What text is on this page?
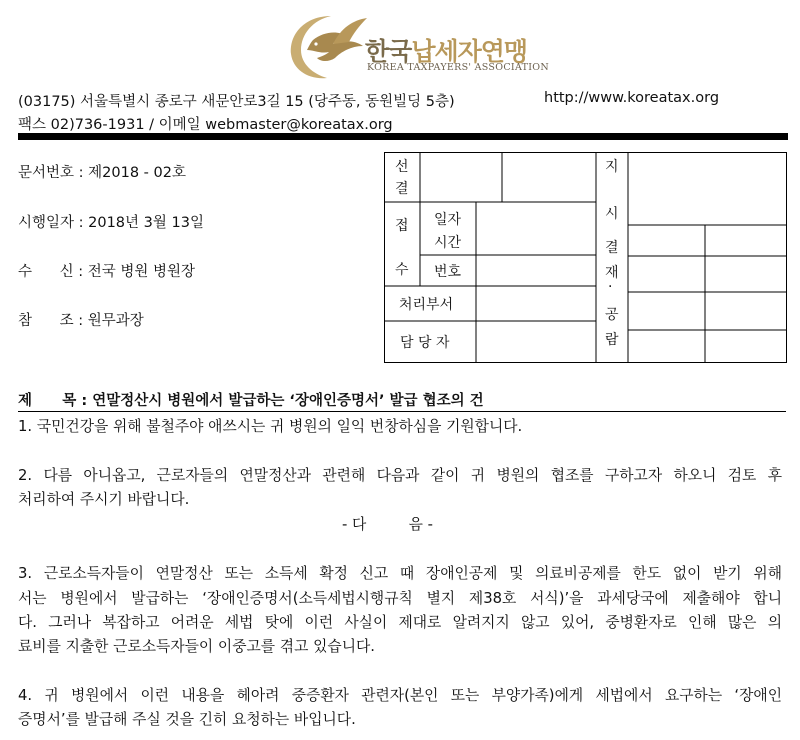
한국납세자연맹
KOREA TAXPAYERS' ASSOCIATION
(03175) 서울특별시 종로구 새문안로3길 15 (당주동, 동원빌딩 5층)	http://www.koreatax.org
팩스 02)736-1931 / 이메일 webmaster@koreatax.org
문서번호 : 제2018 - 02호
시행일자 : 2018년 3월 13일
수      신 : 전국 병원 병원장
참      조 : 원무과장
선
결
접
수
일자
시간
번호
처리부서
담 당 자
지
시
결
재
·
공
람
제      목 : 연말정산시 병원에서 발급하는 ‘장애인증명서’ 발급 협조의 건
1. 국민건강을 위해 불철주야 애쓰시는 귀 병원의 일익 번창하심을 기원합니다.
2. 다름 아니옵고, 근로자들의 연말정산과 관련해 다음과 같이 귀 병원의 협조를 구하고자 하오니 검토 후
처리하여 주시기 바랍니다.
- 다         음 -
3. 근로소득자들이 연말정산 또는 소득세 확정 신고 때 장애인공제 및 의료비공제를 한도 없이 받기 위해
서는 병원에서 발급하는 ‘장애인증명서(소득세법시행규칙 별지 제38호 서식)’을 과세당국에 제출해야 합니
다. 그러나 복잡하고 어려운 세법 탓에 이런 사실이 제대로 알려지지 않고 있어, 중병환자로 인해 많은 의
료비를 지출한 근로소득자들이 이중고를 겪고 있습니다.
4. 귀 병원에서 이런 내용을 헤아려 중증환자 관련자(본인 또는 부양가족)에게 세법에서 요구하는 ‘장애인
증명서’를 발급해 주실 것을 긴히 요청하는 바입니다.
